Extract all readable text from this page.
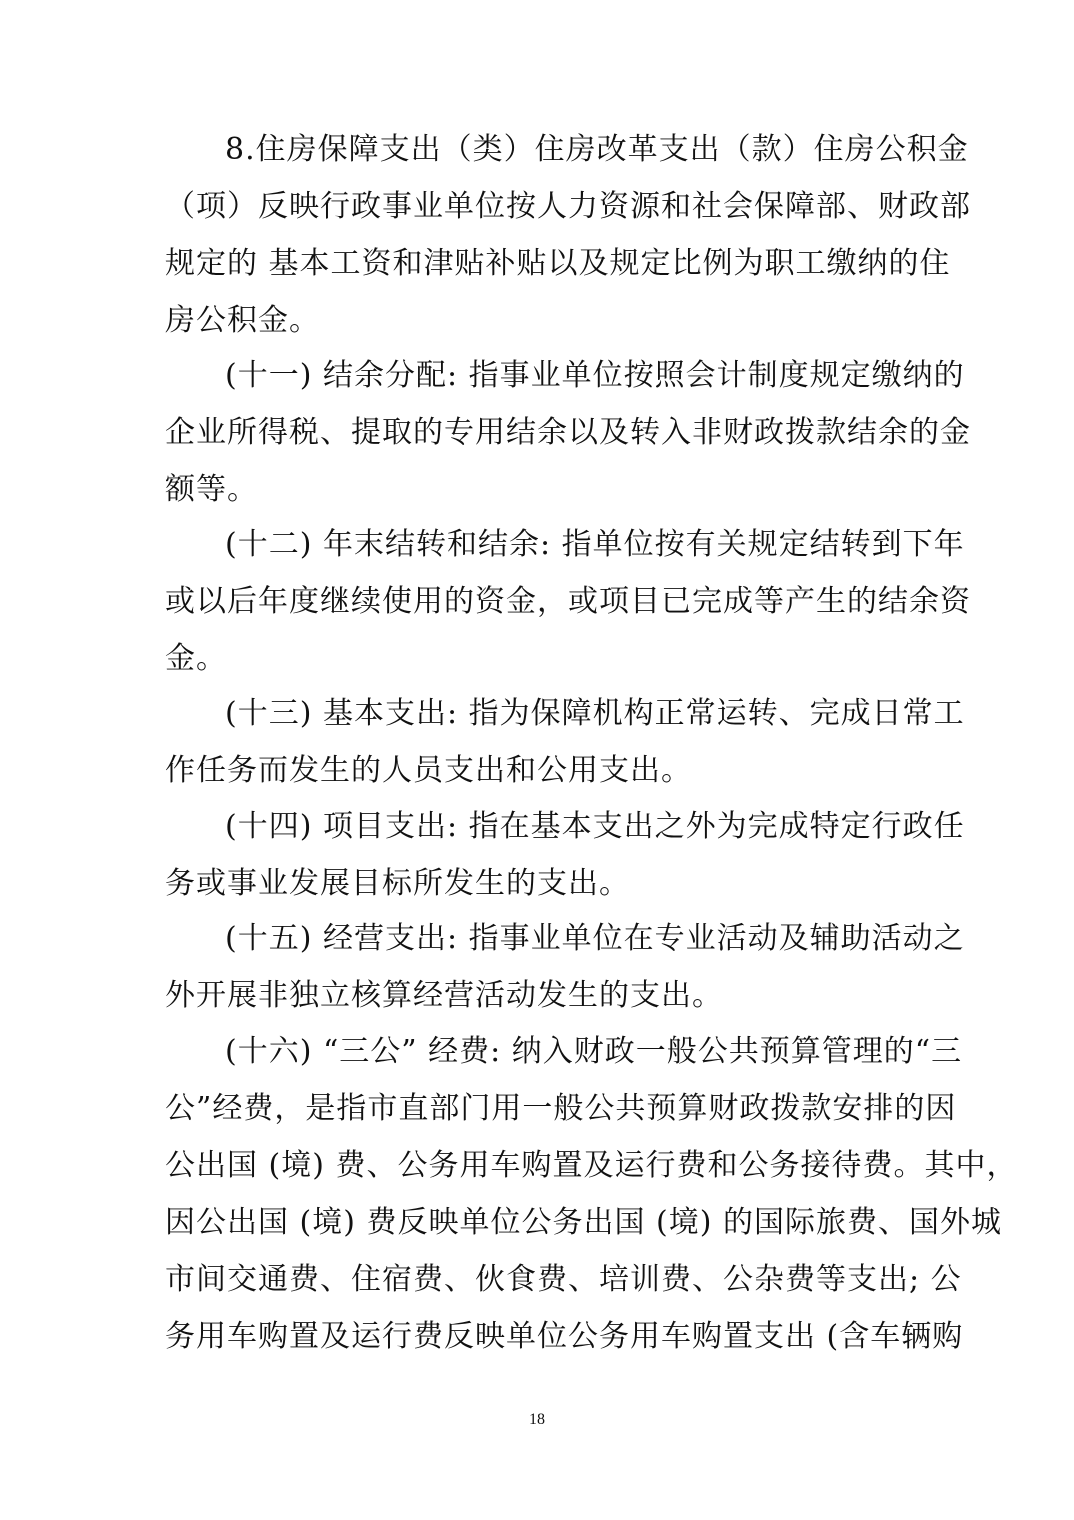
8.住房保障支出（类）住房改革支出（款）住房公积金
（项）反映行政事业单位按人力资源和社会保障部、财政部
规定的 基本工资和津贴补贴以及规定比例为职工缴纳的住
房公积金。
(十一) 结余分配: 指事业单位按照会计制度规定缴纳的
企业所得税、提取的专用结余以及转入非财政拨款结余的金
额等。
(十二) 年末结转和结余: 指单位按有关规定结转到下年
或以后年度继续使用的资金，或项目已完成等产生的结余资
金。
(十三) 基本支出: 指为保障机构正常运转、完成日常工
作任务而发生的人员支出和公用支出。
(十四) 项目支出: 指在基本支出之外为完成特定行政任
务或事业发展目标所发生的支出。
(十五) 经营支出: 指事业单位在专业活动及辅助活动之
外开展非独立核算经营活动发生的支出。
(十六) “三公” 经费: 纳入财政一般公共预算管理的“三
公”经费，是指市直部门用一般公共预算财政拨款安排的因
公出国 (境) 费、公务用车购置及运行费和公务接待费。其中，
因公出国 (境) 费反映单位公务出国 (境) 的国际旅费、国外城
市间交通费、住宿费、伙食费、培训费、公杂费等支出; 公
务用车购置及运行费反映单位公务用车购置支出 (含车辆购
18
